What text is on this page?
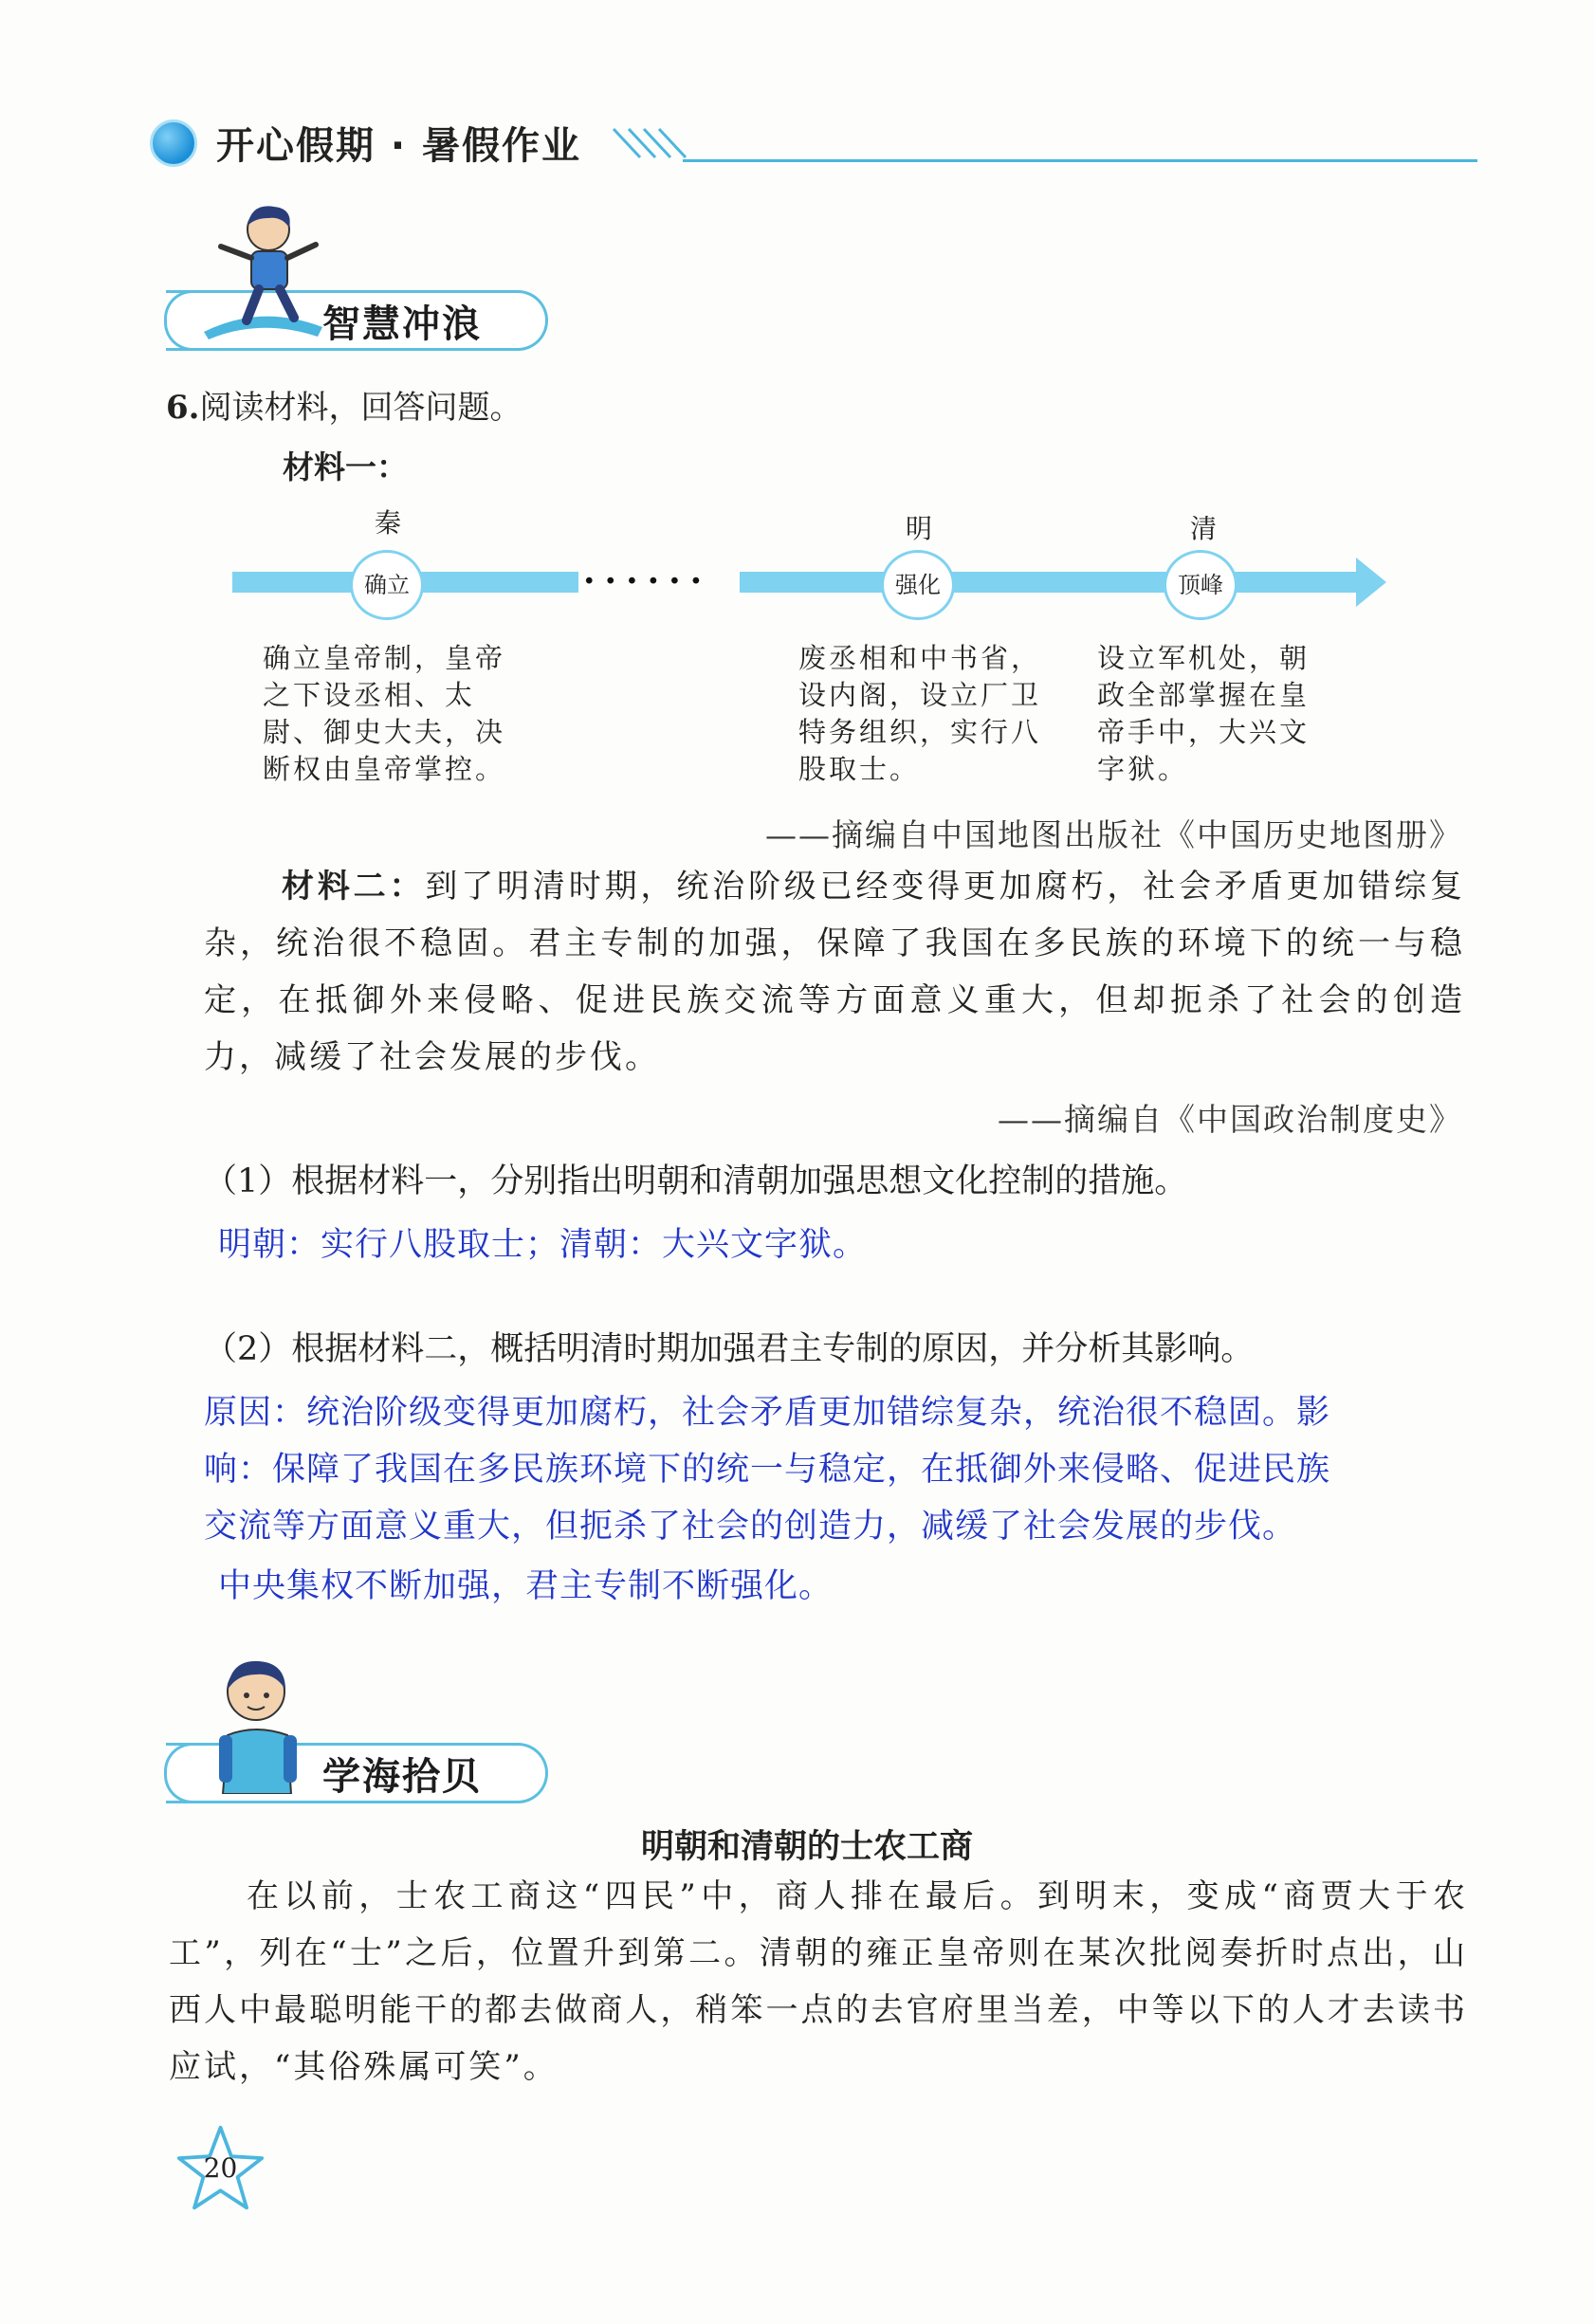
开心假期 · 暑假作业
智慧冲浪
6.阅读材料，回答问题。
材料一：
······
秦
确立
确立皇帝制，皇帝
之下设丞相、太
尉、御史大夫，决
断权由皇帝掌控。
明
强化
废丞相和中书省，
设内阁，设立厂卫
特务组织，实行八
股取士。
清
顶峰
设立军机处，朝
政全部掌握在皇
帝手中，大兴文
字狱。
——摘编自中国地图出版社《中国历史地图册》
材料二：到了明清时期，统治阶级已经变得更加腐朽，社会矛盾更加错综复杂，统治很不稳固。君主专制的加强，保障了我国在多民族的环境下的统一与稳定，在抵御外来侵略、促进民族交流等方面意义重大，但却扼杀了社会的创造力，减缓了社会发展的步伐。
——摘编自《中国政治制度史》
（1）根据材料一，分别指出明朝和清朝加强思想文化控制的措施。
明朝：实行八股取士；清朝：大兴文字狱。
（2）根据材料二，概括明清时期加强君主专制的原因，并分析其影响。
原因：统治阶级变得更加腐朽，社会矛盾更加错综复杂，统治很不稳固。影
响：保障了我国在多民族环境下的统一与稳定，在抵御外来侵略、促进民族
交流等方面意义重大，但扼杀了社会的创造力，减缓了社会发展的步伐。
中央集权不断加强，君主专制不断强化。
学海拾贝
明朝和清朝的士农工商
在以前，士农工商这“四民”中，商人排在最后。到明末，变成“商贾大于农工”，列在“士”之后，位置升到第二。清朝的雍正皇帝则在某次批阅奏折时点出，山西人中最聪明能干的都去做商人，稍笨一点的去官府里当差，中等以下的人才去读书应试，“其俗殊属可笑”。
20
